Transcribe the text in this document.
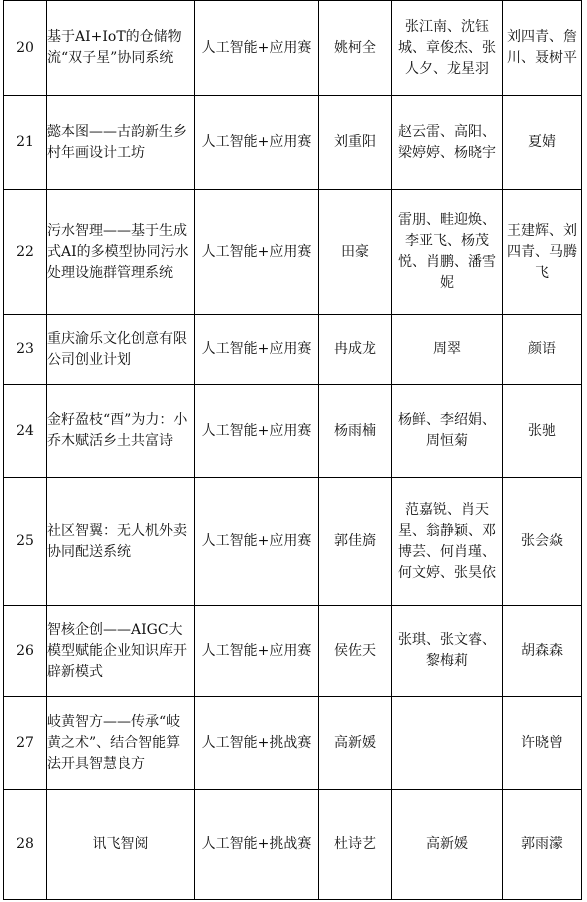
20	基于AI+IoT的仓储物流“双子星”协同系统	人工智能+应用赛	姚柯全	张江南、沈钰城、章俊杰、张人夕、龙星羽	刘四青、詹川、聂树平
21	懿本图——古韵新生乡村年画设计工坊	人工智能+应用赛	刘重阳	赵云雷、高阳、梁婷婷、杨晓宇	夏婧
22	污水智理——基于生成式AI的多模型协同污水处理设施群管理系统	人工智能+应用赛	田豪	雷朋、畦迎焕、李亚飞、杨茂悦、肖鹏、潘雪妮	王建辉、刘四青、马腾飞
23	重庆渝乐文化创意有限公司创业计划	人工智能+应用赛	冉成龙	周翠	颜语
24	金籽盈枝“酉”为力：小乔木赋活乡土共富诗	人工智能+应用赛	杨雨楠	杨鲜、李绍娟、周恒菊	张驰
25	社区智翼：无人机外卖协同配送系统	人工智能+应用赛	郭佳旖	范嘉锐、肖天星、翁静颖、邓博芸、何肖瑾、何文婷、张昊依	张会焱
26	智核企创——AIGC大模型赋能企业知识库开辟新模式	人工智能+应用赛	侯佐天	张琪、张文睿、黎梅莉	胡森森
27	岐黄智方——传承“岐黄之术”、结合智能算法开具智慧良方	人工智能+挑战赛	高新媛		许晓曾
28	讯飞智阅	人工智能+挑战赛	杜诗艺	高新媛	郭雨濛
